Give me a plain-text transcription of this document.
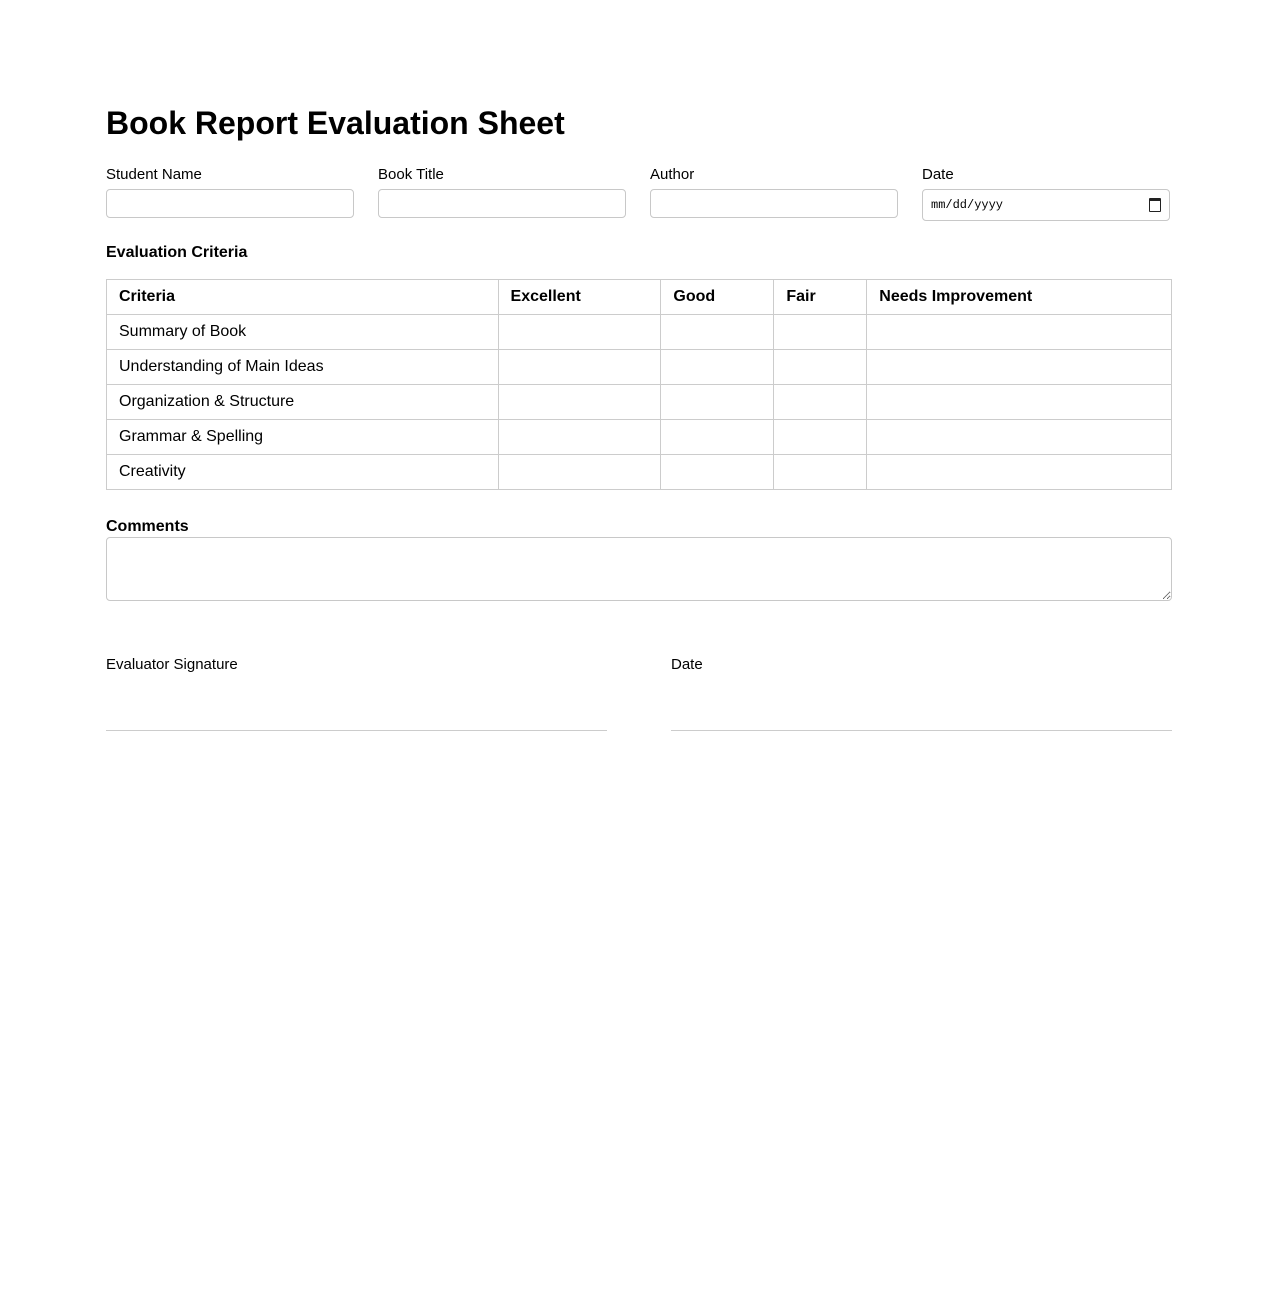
Book Report Evaluation Sheet
Student Name	Book Title	Author	Date
mm/dd/yyyy
Evaluation Criteria
Criteria	Excellent	Good	Fair	Needs Improvement
Summary of Book				
Understanding of Main Ideas				
Organization & Structure				
Grammar & Spelling				
Creativity				
Comments
Evaluator Signature	Date
